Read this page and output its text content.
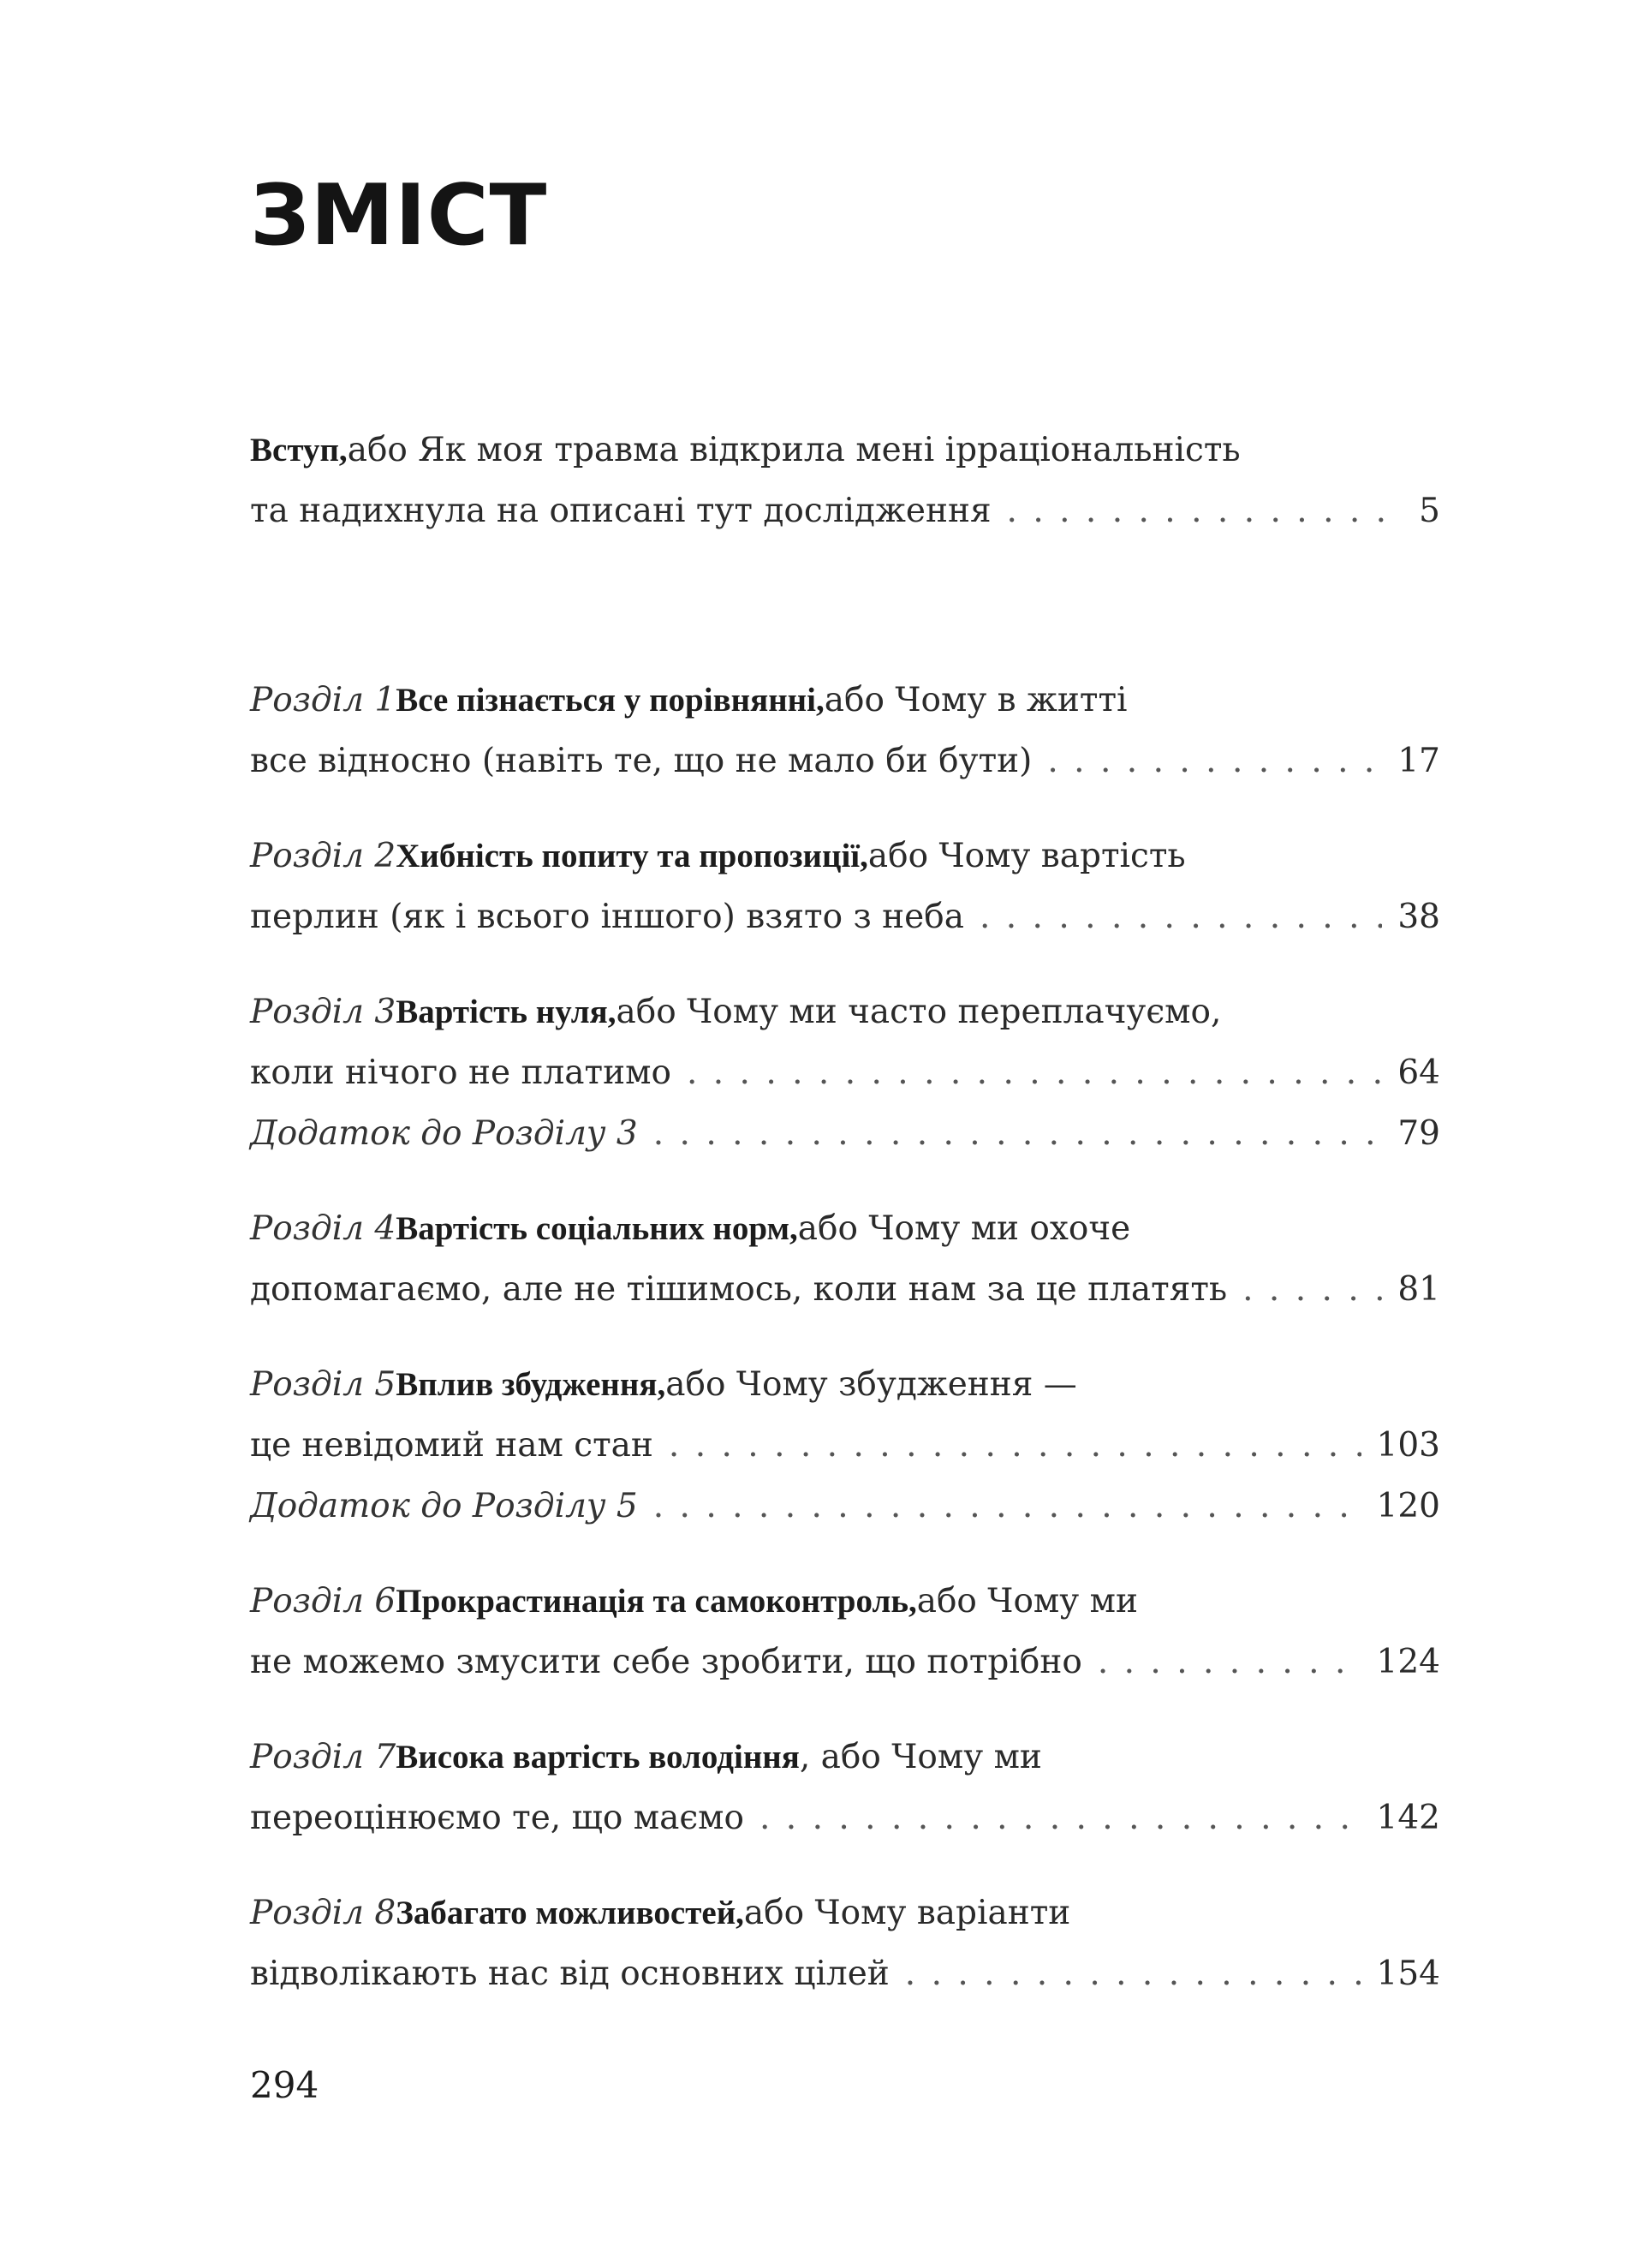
ЗМІСТ
Вступ, або Як моя травма відкрила мені ірраціональність
та надихнула на описані тут дослідження . . .	5
Розділ 1 Все пізнається у порівнянні, або Чому в житті
все відносно (навіть те, що не мало би бути) . . .	17
Розділ 2 Хибність попиту та пропозиції, або Чому вартість
перлин (як і всього іншого) взято з неба . . .	38
Розділ 3 Вартість нуля, або Чому ми часто переплачуємо,
коли нічого не платимо . . .	64
Додаток до Розділу 3 . . .	79
Розділ 4 Вартість соціальних норм, або Чому ми охоче
допомагаємо, але не тішимось, коли нам за це платять . . .	81
Розділ 5 Вплив збудження, або Чому збудження —
це невідомий нам стан . . .	103
Додаток до Розділу 5 . . .	120
Розділ 6 Прокрастинація та самоконтроль, або Чому ми
не можемо змусити себе зробити, що потрібно . . .	124
Розділ 7 Висока вартість володіння , або Чому ми
переоцінюємо те, що маємо . . .	142
Розділ 8 Забагато можливостей, або Чому варіанти
відволікають нас від основних цілей . . .	154
294
